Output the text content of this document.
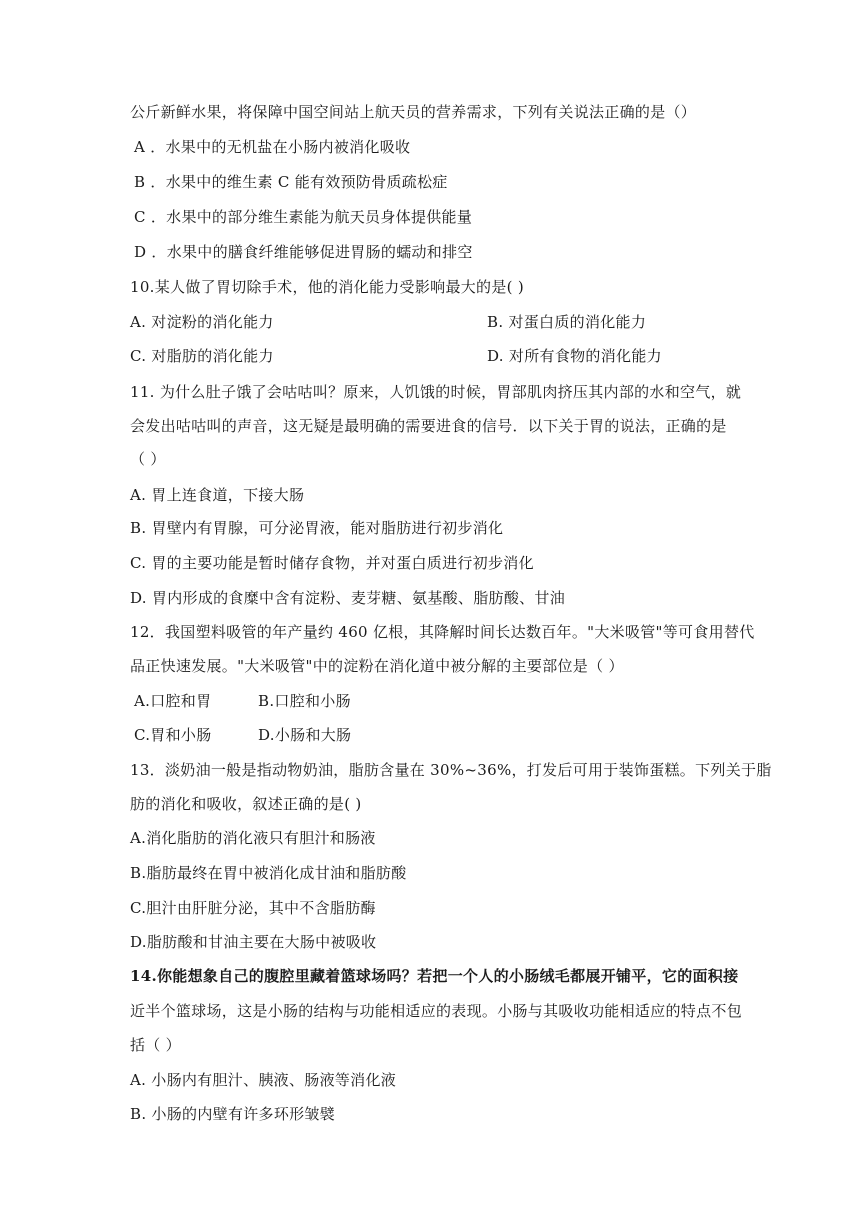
公斤新鲜水果，将保障中国空间站上航天员的营养需求，下列有关说法正确的是（）
A ．水果中的无机盐在小肠内被消化吸收
B ．水果中的维生素 C 能有效预防骨质疏松症
C ．水果中的部分维生素能为航天员身体提供能量
D ．水果中的膳食纤维能够促进胃肠的蠕动和排空
10.某人做了胃切除手术，他的消化能力受影响最大的是( )
A. 对淀粉的消化能力	B. 对蛋白质的消化能力
C. 对脂肪的消化能力	D. 对所有食物的消化能力
11. 为什么肚子饿了会咕咕叫？原来，人饥饿的时候，胃部肌肉挤压其内部的水和空气，就
会发出咕咕叫的声音，这无疑是最明确的需要进食的信号．以下关于胃的说法，正确的是
（ ）
A. 胃上连食道，下接大肠
B. 胃壁内有胃腺，可分泌胃液，能对脂肪进行初步消化
C. 胃的主要功能是暂时储存食物，并对蛋白质进行初步消化
D. 胃内形成的食糜中含有淀粉、麦芽糖、氨基酸、脂肪酸、甘油
12．我国塑料吸管的年产量约 460 亿根，其降解时间长达数百年。"大米吸管"等可食用替代
品正快速发展。"大米吸管"中的淀粉在消化道中被分解的主要部位是（ ）
A.口腔和胃	B.口腔和小肠
C.胃和小肠	D.小肠和大肠
13．淡奶油一般是指动物奶油，脂肪含量在 30%~36%，打发后可用于装饰蛋糕。下列关于脂
肪的消化和吸收，叙述正确的是( )
A.消化脂肪的消化液只有胆汁和肠液
B.脂肪最终在胃中被消化成甘油和脂肪酸
C.胆汁由肝脏分泌，其中不含脂肪酶
D.脂肪酸和甘油主要在大肠中被吸收
14.你能想象自己的腹腔里藏着篮球场吗？若把一个人的小肠绒毛都展开铺平，它的面积接
近半个篮球场，这是小肠的结构与功能相适应的表现。小肠与其吸收功能相适应的特点不包
括（ ）
A. 小肠内有胆汁、胰液、肠液等消化液
B. 小肠的内壁有许多环形皱襞
